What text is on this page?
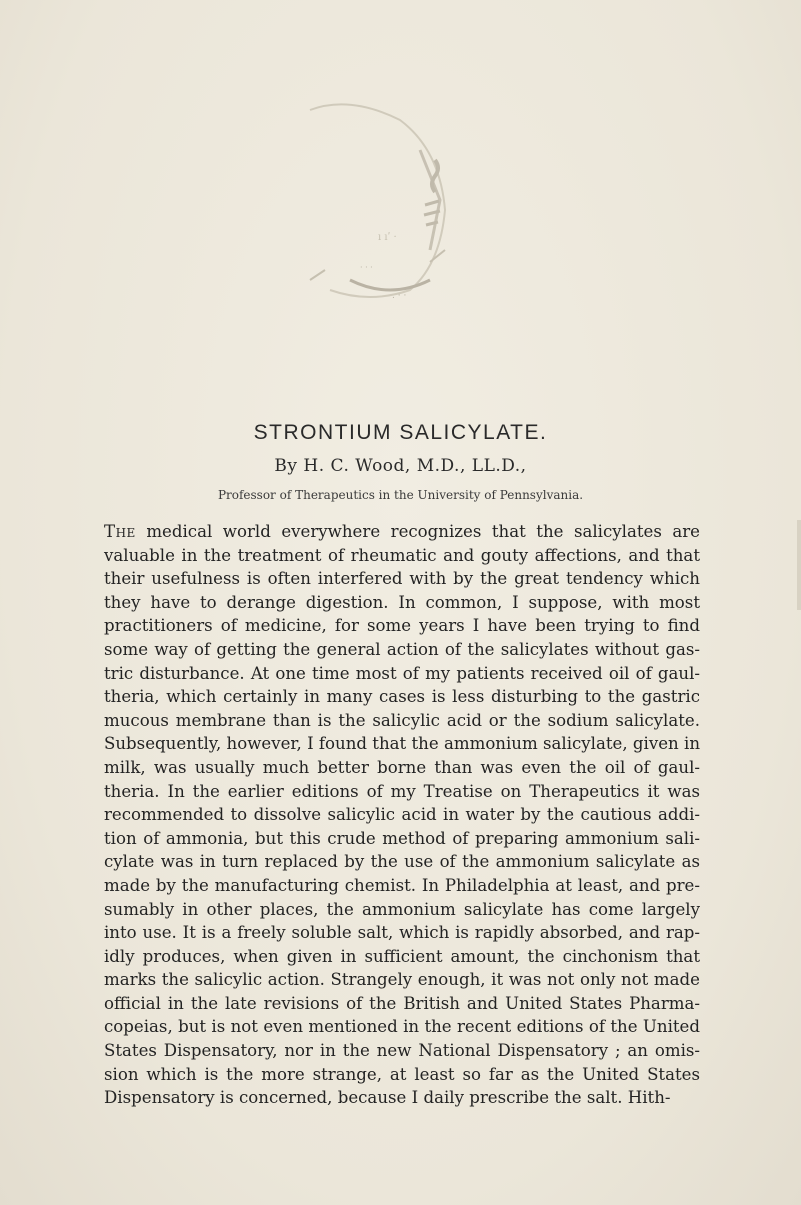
ı ıʹ ·
· · ·
. · ·
STRONTIUM SALICYLATE.
By H. C. Wood, M.D., LL.D.,
Professor of Therapeutics in the University of Pennsylvania.

The medical world everywhere recognizes that the salicylates are valuable in the treatment of rheumatic and gouty affections, and that their usefulness is often interfered with by the great tendency which they have to derange digestion. In common, I suppose, with most practitioners of medicine, for some years I have been trying to find some way of getting the general action of the salicylates without gas- tric disturbance. At one time most of my patients received oil of gaul- theria, which certainly in many cases is less disturbing to the gastric mucous membrane than is the salicylic acid or the sodium salicylate. Subsequently, however, I found that the ammonium salicylate, given in milk, was usually much better borne than was even the oil of gaul- theria. In the earlier editions of my Treatise on Therapeutics it was recommended to dissolve salicylic acid in water by the cautious addi- tion of ammonia, but this crude method of preparing ammonium sali- cylate was in turn replaced by the use of the ammonium salicylate as made by the manufacturing chemist. In Philadelphia at least, and pre- sumably in other places, the ammonium salicylate has come largely into use. It is a freely soluble salt, which is rapidly absorbed, and rap- idly produces, when given in sufficient amount, the cinchonism that marks the salicylic action. Strangely enough, it was not only not made official in the late revisions of the British and United States Pharma- copeias, but is not even mentioned in the recent editions of the United States Dispensatory, nor in the new National Dispensatory ; an omis- sion which is the more strange, at least so far as the United States Dispensatory is concerned, because I daily prescribe the salt. Hith-
